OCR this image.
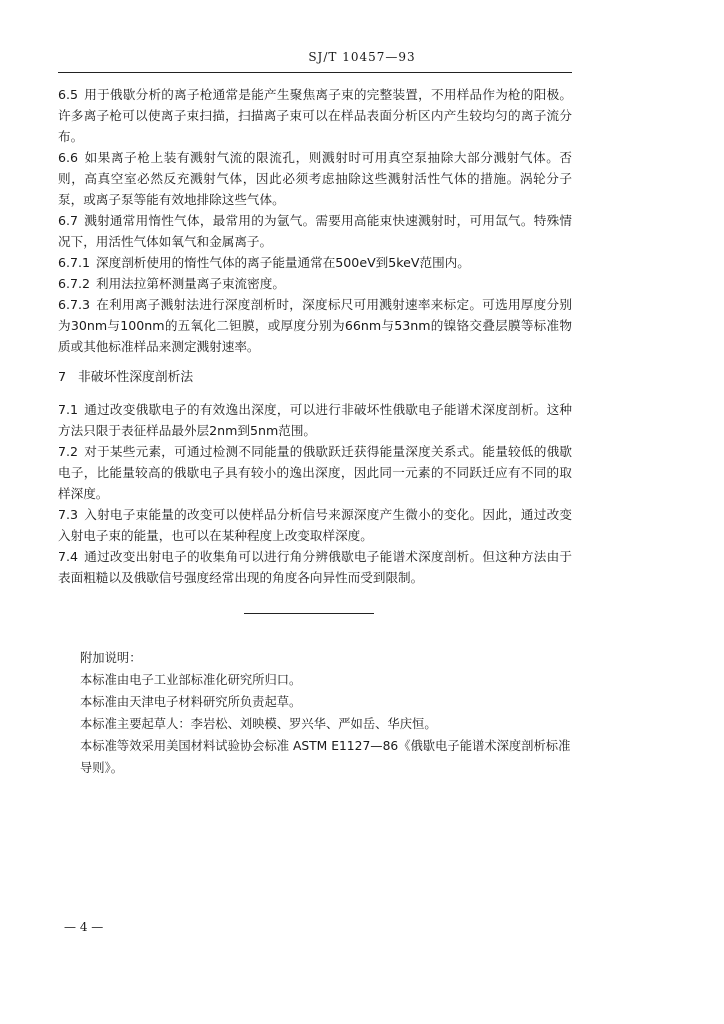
SJ/T 10457—93

6.5 用于俄歇分析的离子枪通常是能产生聚焦离子束的完整装置，不用样品作为枪的阳极。许多离子枪可以使离子束扫描，扫描离子束可以在样品表面分析区内产生较均匀的离子流分布。

6.6 如果离子枪上装有溅射气流的限流孔，则溅射时可用真空泵抽除大部分溅射气体。否则，高真空室必然反充溅射气体，因此必须考虑抽除这些溅射活性气体的措施。涡轮分子泵，或离子泵等能有效地排除这些气体。

6.7 溅射通常用惰性气体，最常用的为氩气。需要用高能束快速溅射时，可用氙气。特殊情况下，用活性气体如氧气和金属离子。

6.7.1 深度剖析使用的惰性气体的离子能量通常在500eV到5keV范围内。

6.7.2 利用法拉第杯测量离子束流密度。

6.7.3 在利用离子溅射法进行深度剖析时，深度标尺可用溅射速率来标定。可选用厚度分别为30nm与100nm的五氧化二钽膜，或厚度分别为66nm与53nm的镍铬交叠层膜等标准物质或其他标准样品来测定溅射速率。

7 非破坏性深度剖析法

7.1 通过改变俄歇电子的有效逸出深度，可以进行非破坏性俄歇电子能谱术深度剖析。这种方法只限于表征样品最外层2nm到5nm范围。

7.2 对于某些元素，可通过检测不同能量的俄歇跃迁获得能量深度关系式。能量较低的俄歇电子，比能量较高的俄歇电子具有较小的逸出深度，因此同一元素的不同跃迁应有不同的取样深度。

7.3 入射电子束能量的改变可以使样品分析信号来源深度产生微小的变化。因此，通过改变入射电子束的能量，也可以在某种程度上改变取样深度。

7.4 通过改变出射电子的收集角可以进行角分辨俄歇电子能谱术深度剖析。但这种方法由于表面粗糙以及俄歇信号强度经常出现的角度各向异性而受到限制。

附加说明：

本标准由电子工业部标准化研究所归口。

本标准由天津电子材料研究所负责起草。

本标准主要起草人：李岩松、刘映模、罗兴华、严如岳、华庆恒。

本标准等效采用美国材料试验协会标准 ASTM E1127—86《俄歇电子能谱术深度剖析标准导则》。

— 4 —
